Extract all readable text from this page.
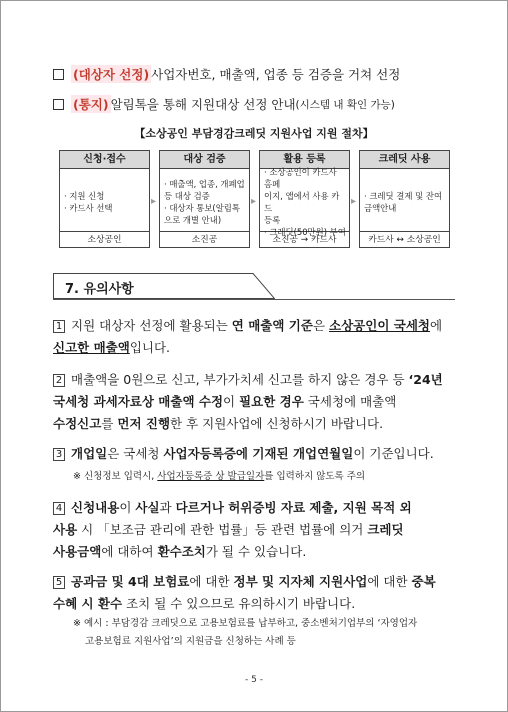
(대상자 선정) 사업자번호, 매출액, 업종 등 검증을 거쳐 선정
(통지) 알림톡을 통해 지원대상 선정 안내 (시스템 내 확인 가능)
【소상공인 부담경감크레딧 지원사업 지원 절차】
신청·접수
· 지원 신청
· 카드사 선택
소상공인
▸
대상 검증
· 매출액, 업종, 개폐업
등 대상 검증
· 대상자 통보(알림톡
으로 개별 안내)
소진공
▸
활용 등록
· 소상공인이 카드사 홈페
이지, 앱에서 사용 카드
등록
· 크레딧(50만원) 부여
소진공 → 카드사
▸
크레딧 사용
· 크레딧 결제 및 잔여
금액안내
카드사 ↔ 소상공인
7. 유의사항
1 지원 대상자 선정에 활용되는 연 매출액 기준은 소상공인이 국세청에
신고한 매출액입니다.
2 매출액을 0원으로 신고, 부가가치세 신고를 하지 않은 경우 등 ‘24년
국세청 과세자료상 매출액 수정이 필요한 경우 국세청에 매출액
수정신고를 먼저 진행한 후 지원사업에 신청하시기 바랍니다.
3 개업일은 국세청 사업자등록증에 기재된 개업연월일이 기준입니다.
※ 신청정보 입력시, 사업자등록증 상 발급일자를 입력하지 않도록 주의
4 신청내용이 사실과 다르거나 허위증빙 자료 제출, 지원 목적 외
사용 시 「보조금 관리에 관한 법률」등 관련 법률에 의거 크레딧
사용금액에 대하여 환수조치가 될 수 있습니다.
5 공과금 및 4대 보험료에 대한 정부 및 지자체 지원사업에 대한 중복
수혜 시 환수 조치 될 수 있으므로 유의하시기 바랍니다.
※ 예시 : 부담경감 크레딧으로 고용보험료를 납부하고, 중소벤처기업부의 ‘자영업자
고용보험료 지원사업’의 지원금을 신청하는 사례 등
- 5 -
